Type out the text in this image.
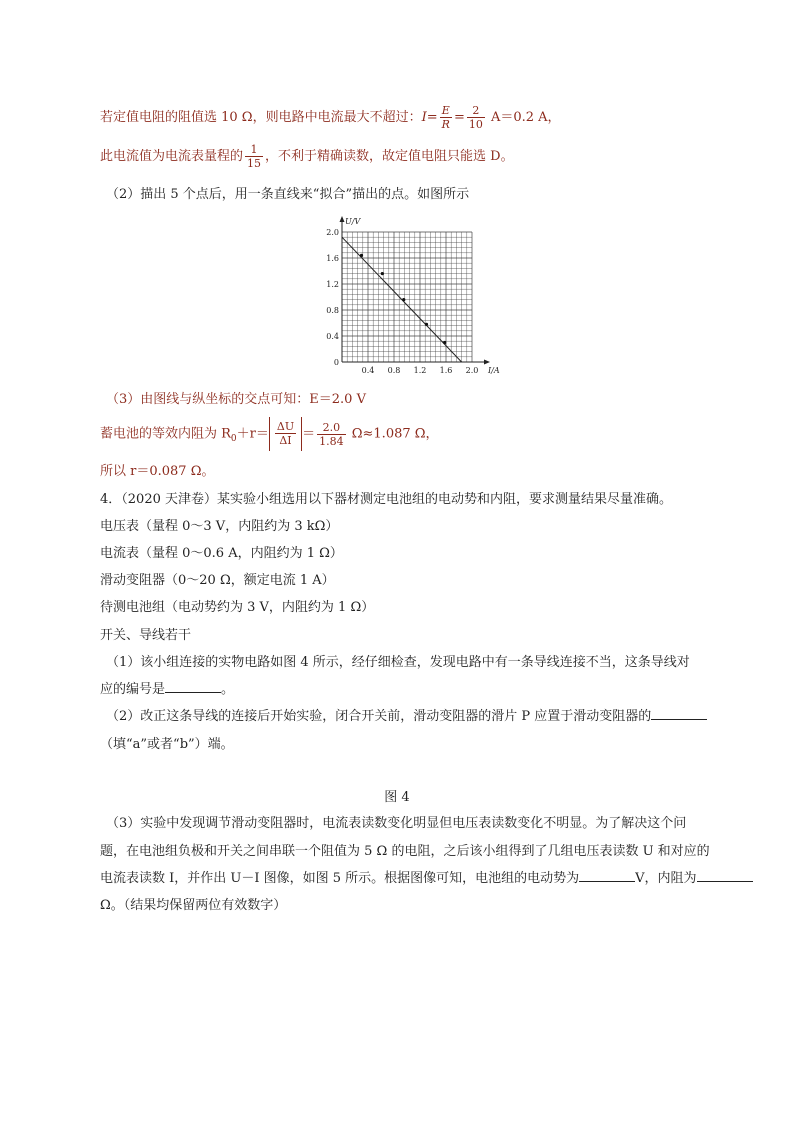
若定值电阻的阻值选 10 Ω，则电路中电流最大不超过：$I= \frac{E}{R} = \frac{2}{10} A=0.2$ A，
此电流值为电流表量程的 $\frac{1}{15}$ ，不利于精确读数，故定值电阻只能选 D。
（2）描出 5 个点后，用一条直线来“拟合”描出的点。如图所示
0.4 0.8 1.2 1.6 2.0
0
0.4
0.8
1.2
1.6
2.0
U/V
I/A
（3）由图线与纵坐标的交点可知：E＝2.0 V
蓄电池的等效内阻为 $R_0+r= \frac{\Delta U}{\Delta I} = \frac{2.0}{1.84} \Omega\approx 1.087$ Ω，
所以 r＝0.087 Ω。
4．（2020 天津卷）某实验小组选用以下器材测定电池组的电动势和内阻，要求测量结果尽量准确。
电压表（量程 0～3 V，内阻约为 3 kΩ）
电流表（量程 0～0.6 A，内阻约为 1 Ω）
滑动变阻器（0～20 Ω，额定电流 1 A）
待测电池组（电动势约为 3 V，内阻约为 1 Ω）
开关、导线若干
（1）该小组连接的实物电路如图 4 所示，经仔细检查，发现电路中有一条导线连接不当，这条导线对
应的编号是	。
（2）改正这条导线的连接后开始实验，闭合开关前，滑动变阻器的滑片 P 应置于滑动变阻器的
（填“a”或者“b”）端。
图 4
（3）实验中发现调节滑动变阻器时，电流表读数变化明显但电压表读数变化不明显。为了解决这个问
题，在电池组负极和开关之间串联一个阻值为 5 Ω 的电阻，之后该小组得到了几组电压表读数 U 和对应的
电流表读数 I，并作出 U－I 图像，如图 5 所示。根据图像可知，电池组的电动势为	V，内阻为
Ω。（结果均保留两位有效数字）
